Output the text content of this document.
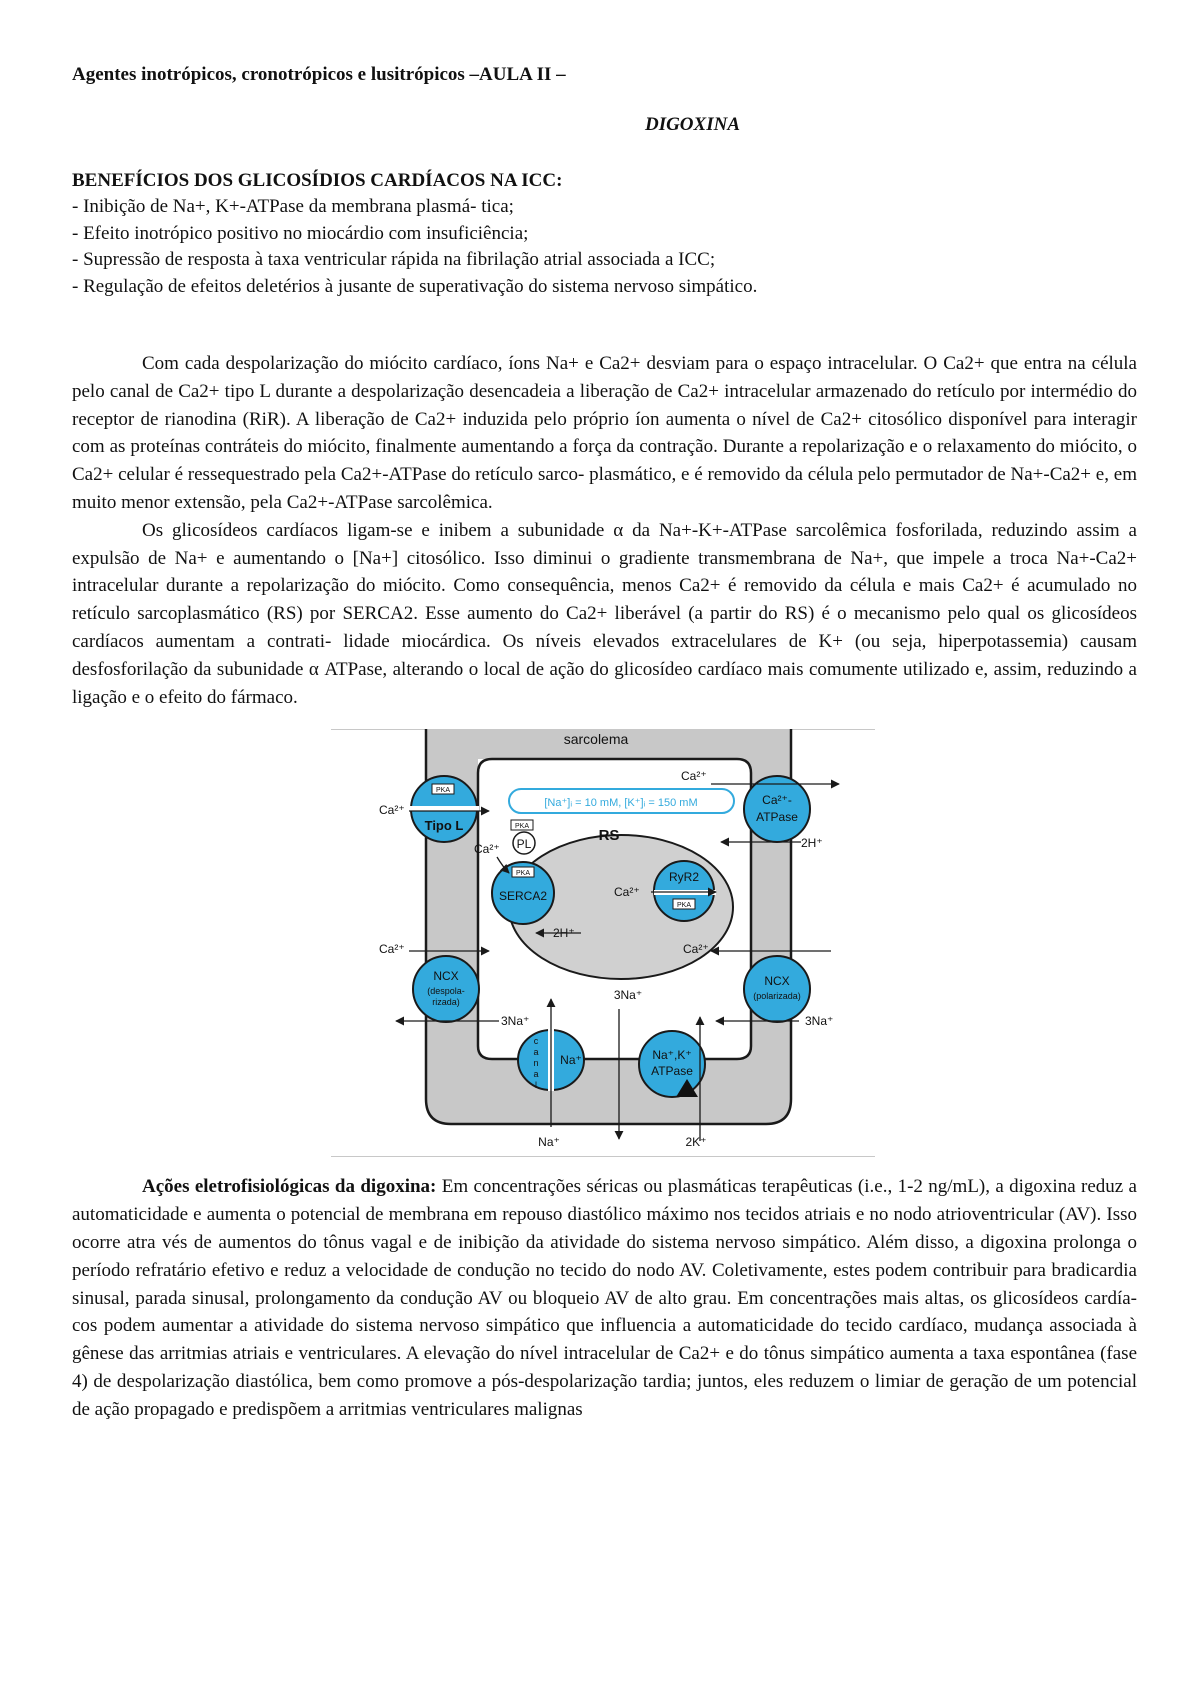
Agentes inotrópicos, cronotrópicos e lusitrópicos –AULA II –

DIGOXINA
BENEFÍCIOS DOS GLICOSÍDIOS CARDÍACOS NA ICC:
- Inibição de Na+, K+-ATPase da membrana plasmá- tica;
- Efeito inotrópico positivo no miocárdio com insuficiência;
- Supressão de resposta à taxa ventricular rápida na fibrilação atrial associada a ICC;
- Regulação de efeitos deletérios à jusante de superativação do sistema nervoso simpático.

Com cada despolarização do miócito cardíaco, íons Na+ e Ca2+ desviam para o espaço intracelular. O Ca2+ que entra na célula pelo canal de Ca2+ tipo L durante a despolarização desencadeia a liberação de Ca2+ intracelular armazenado do retículo por intermédio do receptor de rianodina (RiR). A liberação de Ca2+ induzida pelo próprio íon aumenta o nível de Ca2+ citosólico disponível para interagir com as proteínas contráteis do miócito, finalmente aumentando a força da contração. Durante a repolarização e o relaxamento do miócito, o Ca2+ celular é ressequestrado pela Ca2+-ATPase do retículo sarco- plasmático, e é removido da célula pelo permutador de Na+-Ca2+ e, em muito menor extensão, pela Ca2+-ATPase sarcolêmica.

Os glicosídeos cardíacos ligam-se e inibem a subunidade α da Na+-K+-ATPase sarcolêmica fosforilada, reduzindo assim a expulsão de Na+ e aumentando o [Na+] citosólico. Isso diminui o gradiente transmembrana de Na+, que impele a troca Na+-Ca2+ intracelular durante a repolarização do miócito. Como consequência, menos Ca2+ é removido da célula e mais Ca2+ é acumulado no retículo sarcoplasmático (RS) por SERCA2. Esse aumento do Ca2+ liberável (a partir do RS) é o mecanismo pelo qual os glicosídeos cardíacos aumentam a contrati- lidade miocárdica. Os níveis elevados extracelulares de K+ (ou seja, hiperpotassemia) causam desfosforilação da subunidade α ATPase, alterando o local de ação do glicosídeo cardíaco mais comumente utilizado e, assim, reduzindo a ligação e o efeito do fármaco.

sarcolema
[Na⁺]ᵢ = 10 mM, [K⁺]ᵢ = 150 mM
RS
PKA
Tipo L
Ca²⁺
Ca²⁺-
ATPase
Ca²⁺
2H⁺
PKA
PL
PKA
SERCA2
Ca²⁺
2H⁺
RyR2
PKA
Ca²⁺
NCX
(despola-
rizada)
Ca²⁺
3Na⁺
NCX
(polarizada)
Ca²⁺
3Na⁺
Na⁺
c
a
n
a
l
Na⁺
Na⁺,K⁺
ATPase
3Na⁺
2K⁺

Ações eletrofisiológicas da digoxina: Em concentrações séricas ou plasmáticas terapêuticas (i.e., 1-2 ng/mL), a digoxina reduz a automaticidade e aumenta o potencial de membrana em repouso diastólico máximo nos tecidos atriais e no nodo atrioventricular (AV). Isso ocorre atra vés de aumentos do tônus vagal e de inibição da atividade do sistema nervoso simpático. Além disso, a digoxina prolonga o período refratário efetivo e reduz a velocidade de condução no tecido do nodo AV. Coletivamente, estes podem contribuir para bradicardia sinusal, parada sinusal, prolongamento da condução AV ou bloqueio AV de alto grau. Em concentrações mais altas, os glicosídeos cardía- cos podem aumentar a atividade do sistema nervoso simpático que influencia a automaticidade do tecido cardíaco, mudança associada à gênese das arritmias atriais e ventriculares. A elevação do nível intracelular de Ca2+ e do tônus simpático aumenta a taxa espontânea (fase 4) de despolarização diastólica, bem como promove a pós-despolarização tardia; juntos, eles reduzem o limiar de geração de um potencial de ação propagado e predispõem a arritmias ventriculares malignas
